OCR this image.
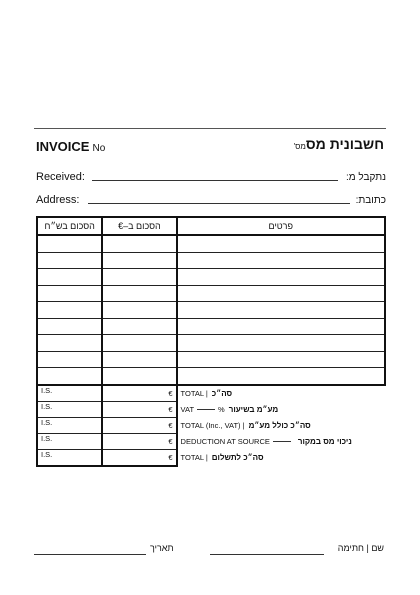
INVOICE No	חשבונית מסמס'
Received:	נתקבל מ:
Address:	כתובת:
הסכום בש״ח	הסכום ב–€	פרטים

I.S.	€	TOTAL | סה״כ
I.S.	€	VAT % מע״מ בשיעור
I.S.	€	TOTAL (Inc., VAT) | סה״כ כולל מע״מ
I.S.	€	DEDUCTION AT SOURCE ניכוי מס במקור
I.S.	€	TOTAL | סה״כ לתשלום
תאריך	שם | חתימה
